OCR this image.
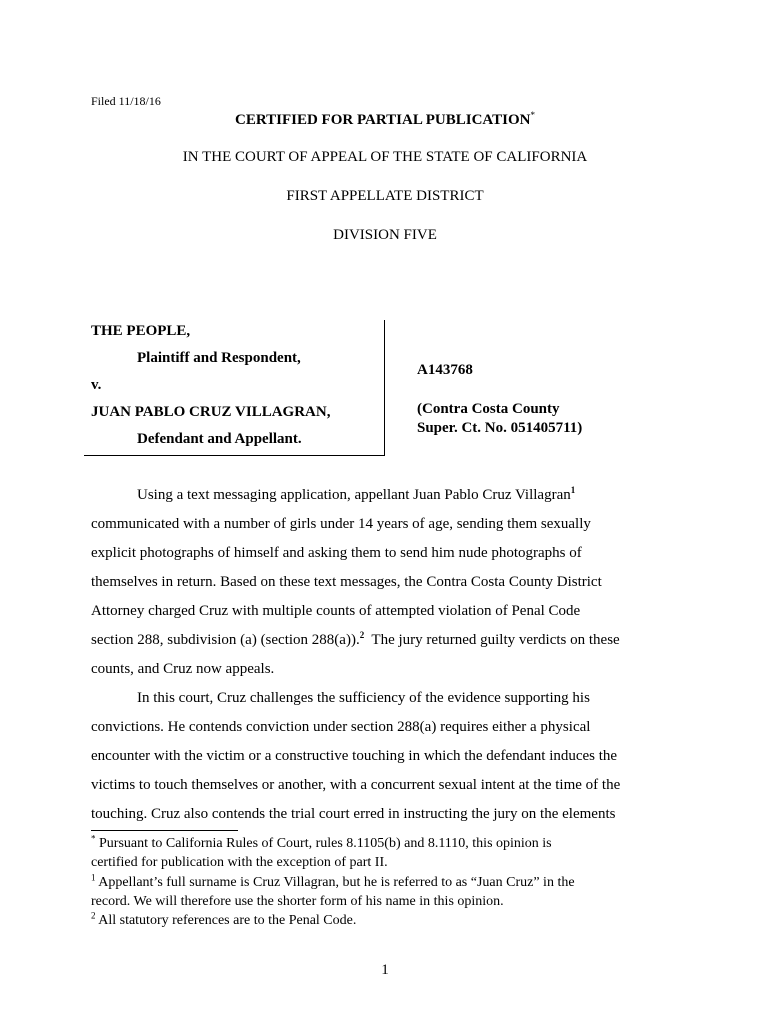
Filed 11/18/16
CERTIFIED FOR PARTIAL PUBLICATION*
IN THE COURT OF APPEAL OF THE STATE OF CALIFORNIA
FIRST APPELLATE DISTRICT
DIVISION FIVE
THE PEOPLE,
Plaintiff and Respondent,
v.
JUAN PABLO CRUZ VILLAGRAN,
Defendant and Appellant.
A143768
(Contra Costa County
Super. Ct. No. 051405711)
Using a text messaging application, appellant Juan Pablo Cruz Villagran$^1$
communicated with a number of girls under 14 years of age, sending them sexually
explicit photographs of himself and asking them to send him nude photographs of
themselves in return. Based on these text messages, the Contra Costa County District
Attorney charged Cruz with multiple counts of attempted violation of Penal Code
section 288, subdivision (a) (section 288(a)).$^2$  The jury returned guilty verdicts on these
counts, and Cruz now appeals.
In this court, Cruz challenges the sufficiency of the evidence supporting his
convictions. He contends conviction under section 288(a) requires either a physical
encounter with the victim or a constructive touching in which the defendant induces the
victims to touch themselves or another, with a concurrent sexual intent at the time of the
touching. Cruz also contends the trial court erred in instructing the jury on the elements
* Pursuant to California Rules of Court, rules 8.1105(b) and 8.1110, this opinion is
certified for publication with the exception of part II.
$^1$ Appellant’s full surname is Cruz Villagran, but he is referred to as “Juan Cruz” in the
record. We will therefore use the shorter form of his name in this opinion.
$^2$ All statutory references are to the Penal Code.
1
